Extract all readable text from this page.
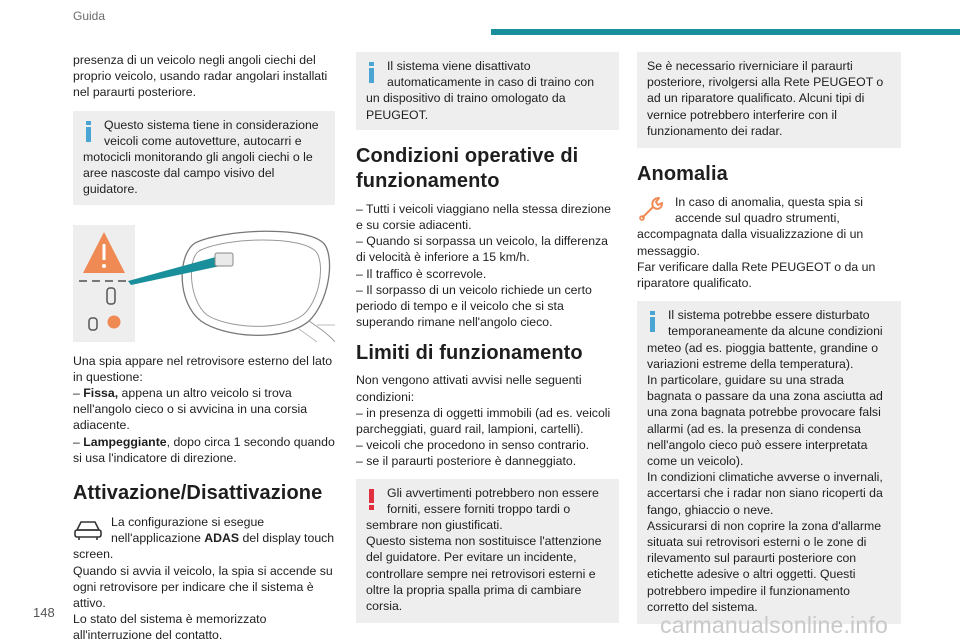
Guida

presenza di un veicolo negli angoli ciechi del proprio veicolo, usando radar angolari installati nel paraurti posteriore.

Questo sistema tiene in considerazione veicoli come autovetture, autocarri e motocicli monitorando gli angoli ciechi o le aree nascoste dal campo visivo del guidatore.

Una spia appare nel retrovisore esterno del lato in questione:

– Fissa, appena un altro veicolo si trova nell'angolo cieco o si avvicina in una corsia adiacente.

– Lampeggiante, dopo circa 1 secondo quando si usa l'indicatore di direzione.

Attivazione/Disattivazione

La configurazione si esegue nell'applicazione ADAS del display touch screen.

Quando si avvia il veicolo, la spia si accende su ogni retrovisore per indicare che il sistema è attivo.

Lo stato del sistema è memorizzato all'interruzione del contatto.

Il sistema viene disattivato automaticamente in caso di traino con un dispositivo di traino omologato da PEUGEOT.
Condizioni operative di funzionamento

– Tutti i veicoli viaggiano nella stessa direzione e su corsie adiacenti.

– Quando si sorpassa un veicolo, la differenza di velocità è inferiore a 15 km/h.

– Il traffico è scorrevole.

– Il sorpasso di un veicolo richiede un certo periodo di tempo e il veicolo che si sta superando rimane nell'angolo cieco.

Limiti di funzionamento

Non vengono attivati avvisi nelle seguenti condizioni:

– in presenza di oggetti immobili (ad es. veicoli parcheggiati, guard rail, lampioni, cartelli).

– veicoli che procedono in senso contrario.

– se il paraurti posteriore è danneggiato.

Gli avvertimenti potrebbero non essere forniti, essere forniti troppo tardi o sembrare non giustificati.
Questo sistema non sostituisce l'attenzione del guidatore. Per evitare un incidente, controllare sempre nei retrovisori esterni e oltre la propria spalla prima di cambiare corsia.
Se è necessario riverniciare il paraurti posteriore, rivolgersi alla Rete PEUGEOT o ad un riparatore qualificato. Alcuni tipi di vernice potrebbero interferire con il funzionamento dei radar.
Anomalia

In caso di anomalia, questa spia si accende sul quadro strumenti, accompagnata dalla visualizzazione di un messaggio.

Far verificare dalla Rete PEUGEOT o da un riparatore qualificato.

Il sistema potrebbe essere disturbato temporaneamente da alcune condizioni meteo (ad es. pioggia battente, grandine o variazioni estreme della temperatura).
In particolare, guidare su una strada bagnata o passare da una zona asciutta ad una zona bagnata potrebbe provocare falsi allarmi (ad es. la presenza di condensa nell'angolo cieco può essere interpretata come un veicolo).
In condizioni climatiche avverse o invernali, accertarsi che i radar non siano ricoperti da fango, ghiaccio o neve.
Assicurarsi di non coprire la zona d'allarme situata sui retrovisori esterni o le zone di rilevamento sul paraurti posteriore con etichette adesive o altri oggetti. Questi potrebbero impedire il funzionamento corretto del sistema.
148	carmanualsonline.info
